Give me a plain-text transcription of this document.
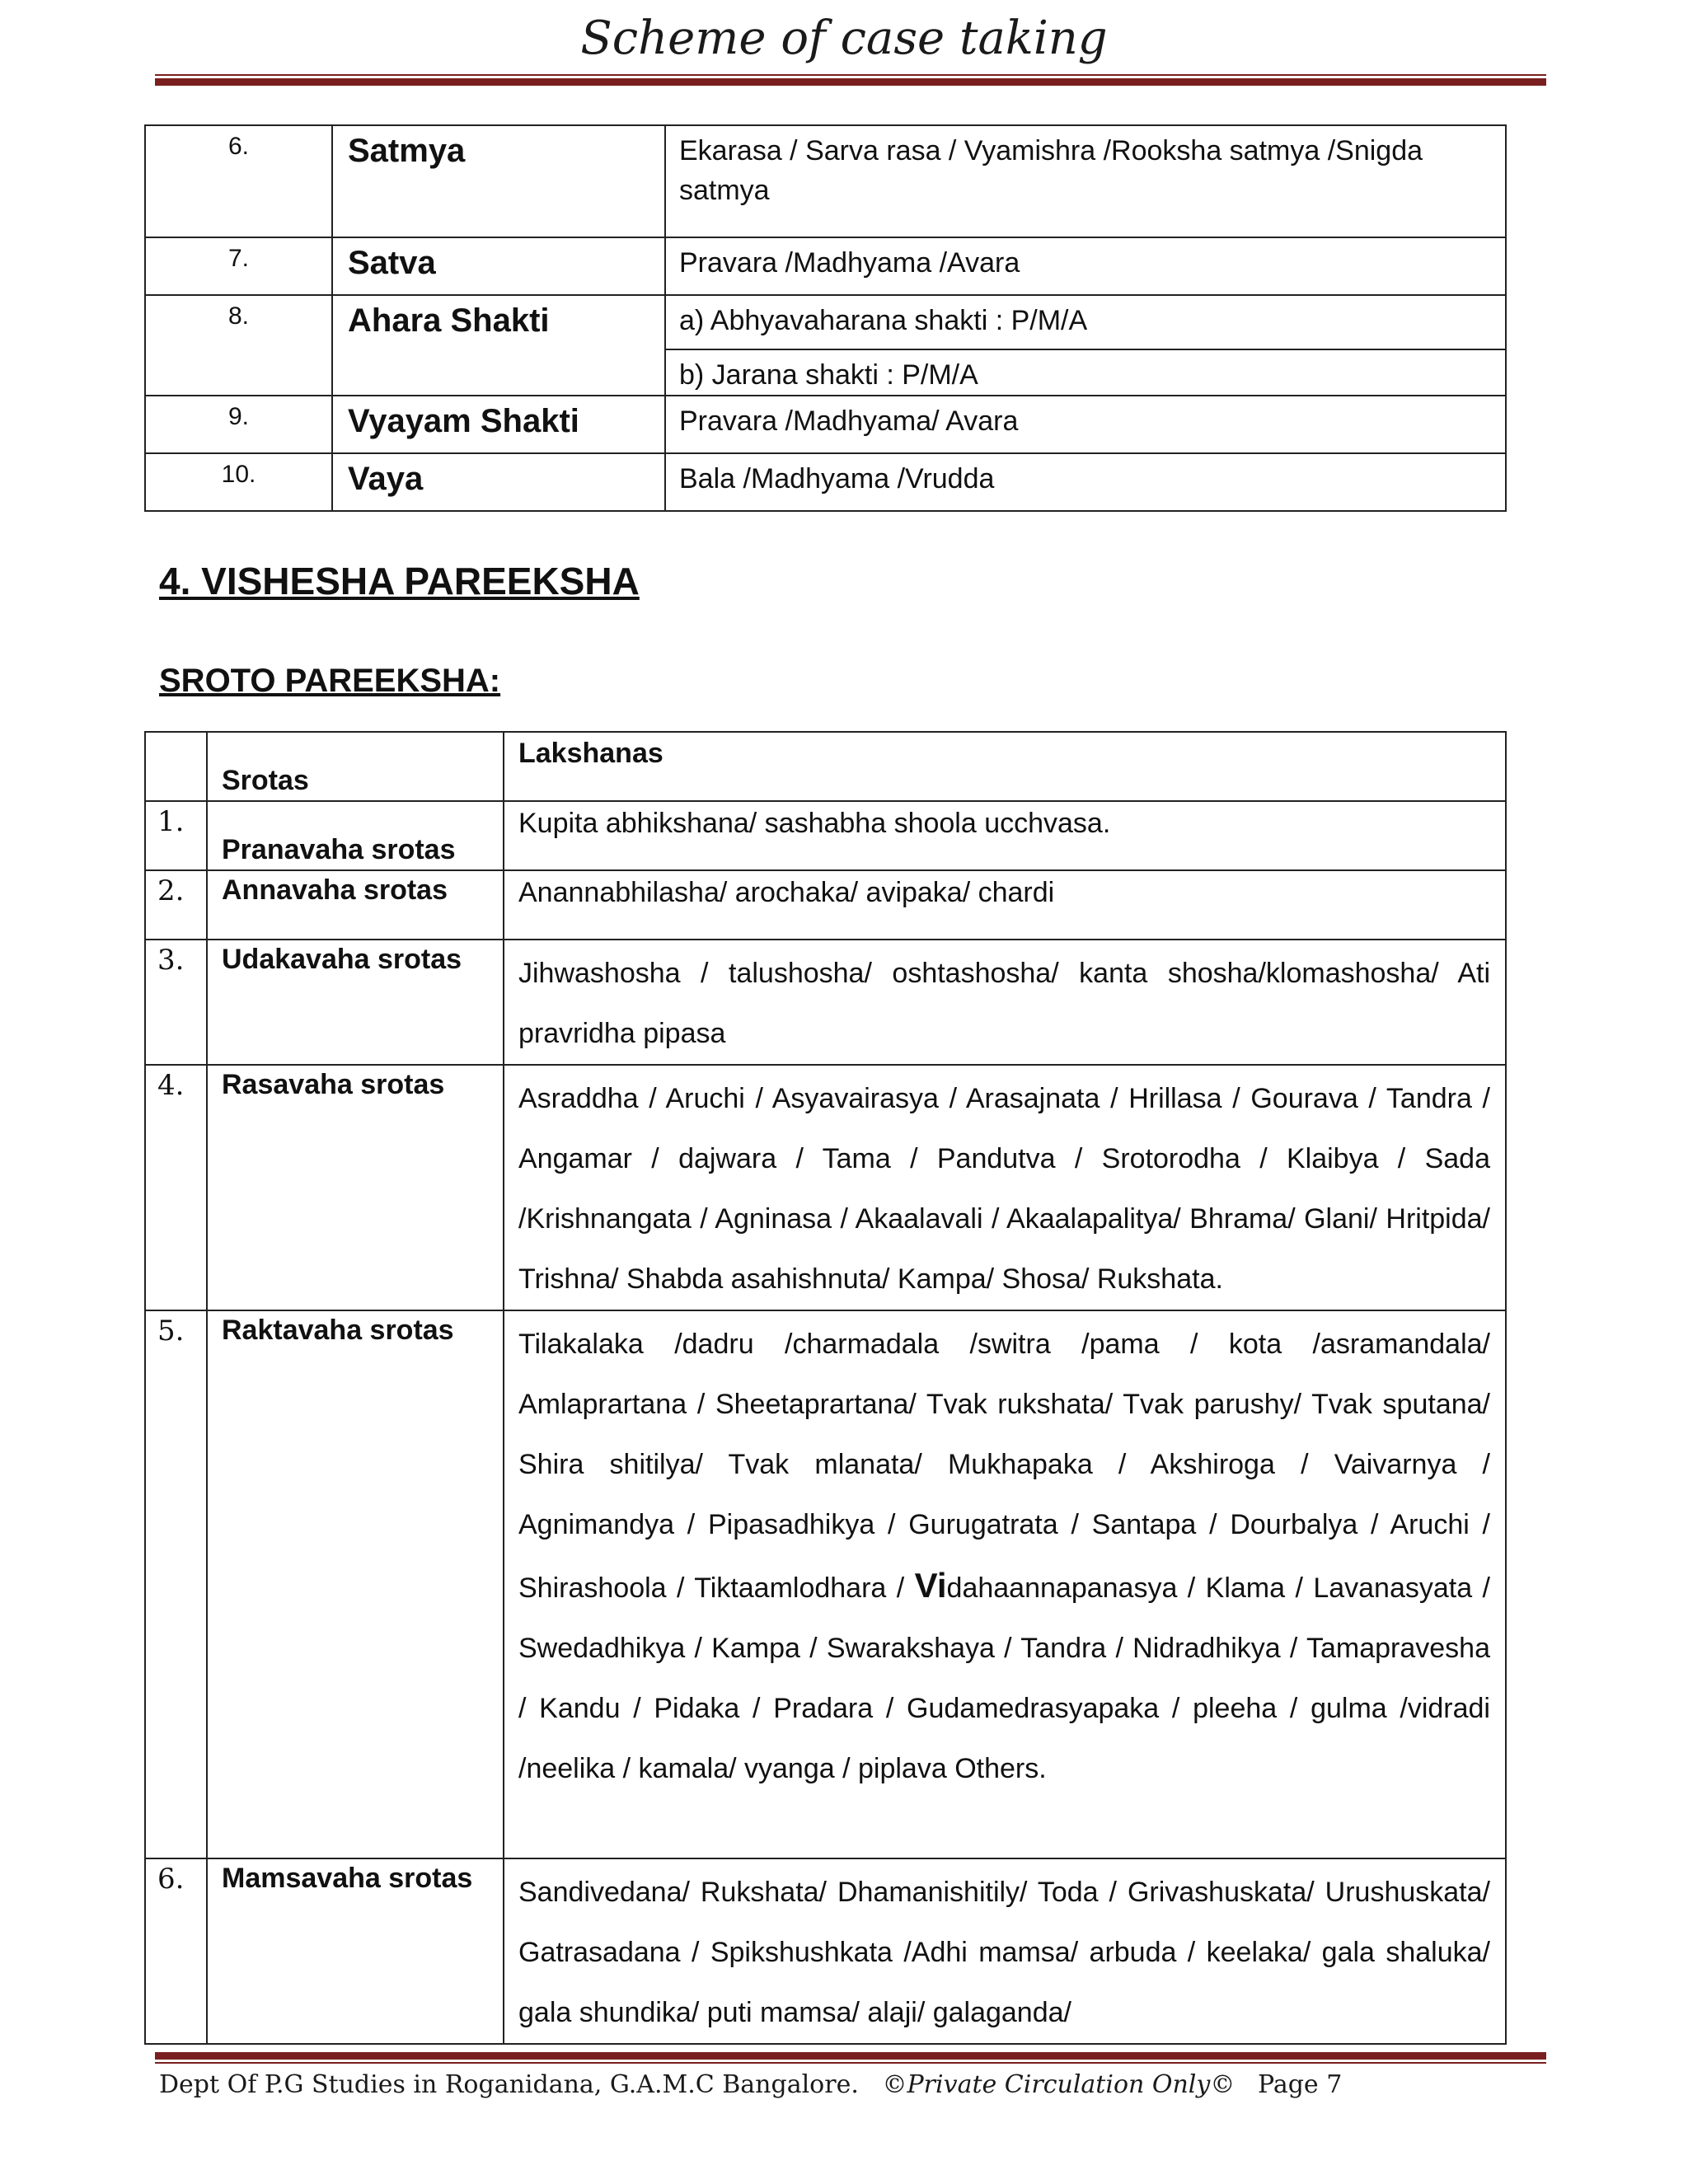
Scheme of case taking
6.	Satmya	Ekarasa / Sarva rasa / Vyamishra /Rooksha satmya /Snigda satmya
7.	Satva	Pravara /Madhyama /Avara
8.	Ahara Shakti	a) Abhyavaharana shakti : P/M/A
		b) Jarana shakti : P/M/A
9.	Vyayam Shakti	Pravara /Madhyama/ Avara
10.	Vaya	Bala /Madhyama /Vrudda
4. VISHESHA PAREEKSHA
SROTO PAREEKSHA:
	Srotas	Lakshanas
1.	Pranavaha srotas	Kupita abhikshana/ sashabha shoola ucchvasa.
2.	Annavaha srotas	Anannabhilasha/ arochaka/ avipaka/ chardi
3.	Udakavaha srotas	Jihwashosha / talushosha/ oshtashosha/ kanta shosha/klomashosha/ Ati pravridha pipasa
4.	Rasavaha srotas	Asraddha / Aruchi / Asyavairasya / Arasajnata / Hrillasa / Gourava / Tandra / Angamar / dajwara / Tama / Pandutva / Srotorodha / Klaibya / Sada /Krishnangata / Agninasa / Akaalavali / Akaalapalitya/ Bhrama/ Glani/ Hritpida/ Trishna/ Shabda asahishnuta/ Kampa/ Shosa/ Rukshata.
5.	Raktavaha srotas	Tilakalaka /dadru /charmadala /switra /pama / kota /asramandala/ Amlaprartana / Sheetaprartana/ Tvak rukshata/ Tvak parushy/ Tvak sputana/ Shira shitilya/ Tvak mlanata/ Mukhapaka / Akshiroga / Vaivarnya / Agnimandya / Pipasadhikya / Gurugatrata / Santapa / Dourbalya / Aruchi / Shirashoola / Tiktaamlodhara / Vidahaannapanasya / Klama / Lavanasyata / Swedadhikya / Kampa / Swarakshaya / Tandra / Nidradhikya / Tamapravesha / Kandu / Pidaka / Pradara / Gudamedrasyapaka / pleeha / gulma /vidradi /neelika / kamala/ vyanga / piplava Others.
6.	Mamsavaha srotas	Sandivedana/ Rukshata/ Dhamanishitily/ Toda / Grivashuskata/ Urushuskata/ Gatrasadana / Spikshushkata /Adhi mamsa/ arbuda / keelaka/ gala shaluka/ gala shundika/ puti mamsa/ alaji/ galaganda/
Dept Of P.G Studies in Roganidana, G.A.M.C Bangalore. ©Private Circulation Only© Page 7
